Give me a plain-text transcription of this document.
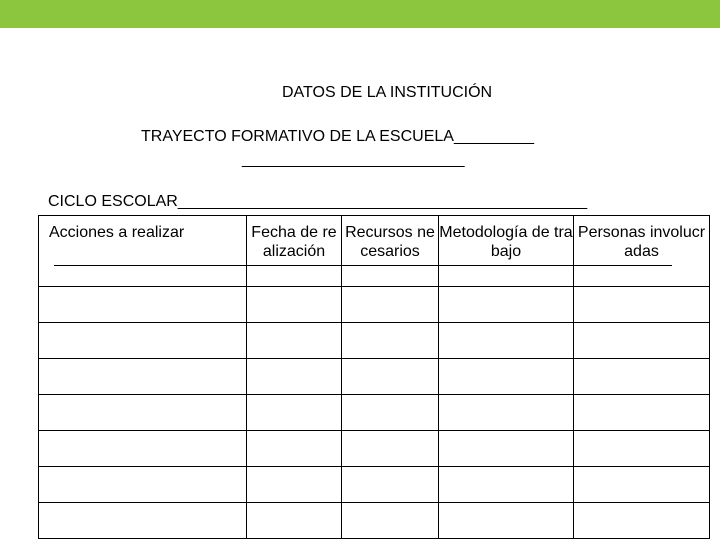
DATOS DE LA INSTITUCIÓN
TRAYECTO FORMATIVO DE LA ESCUELA_________
_________________________
CICLO ESCOLAR______________________________________________
Acciones a realizar	Fecha de realización	Recursos necesarios	Metodología de trabajo	Personas involucradas
